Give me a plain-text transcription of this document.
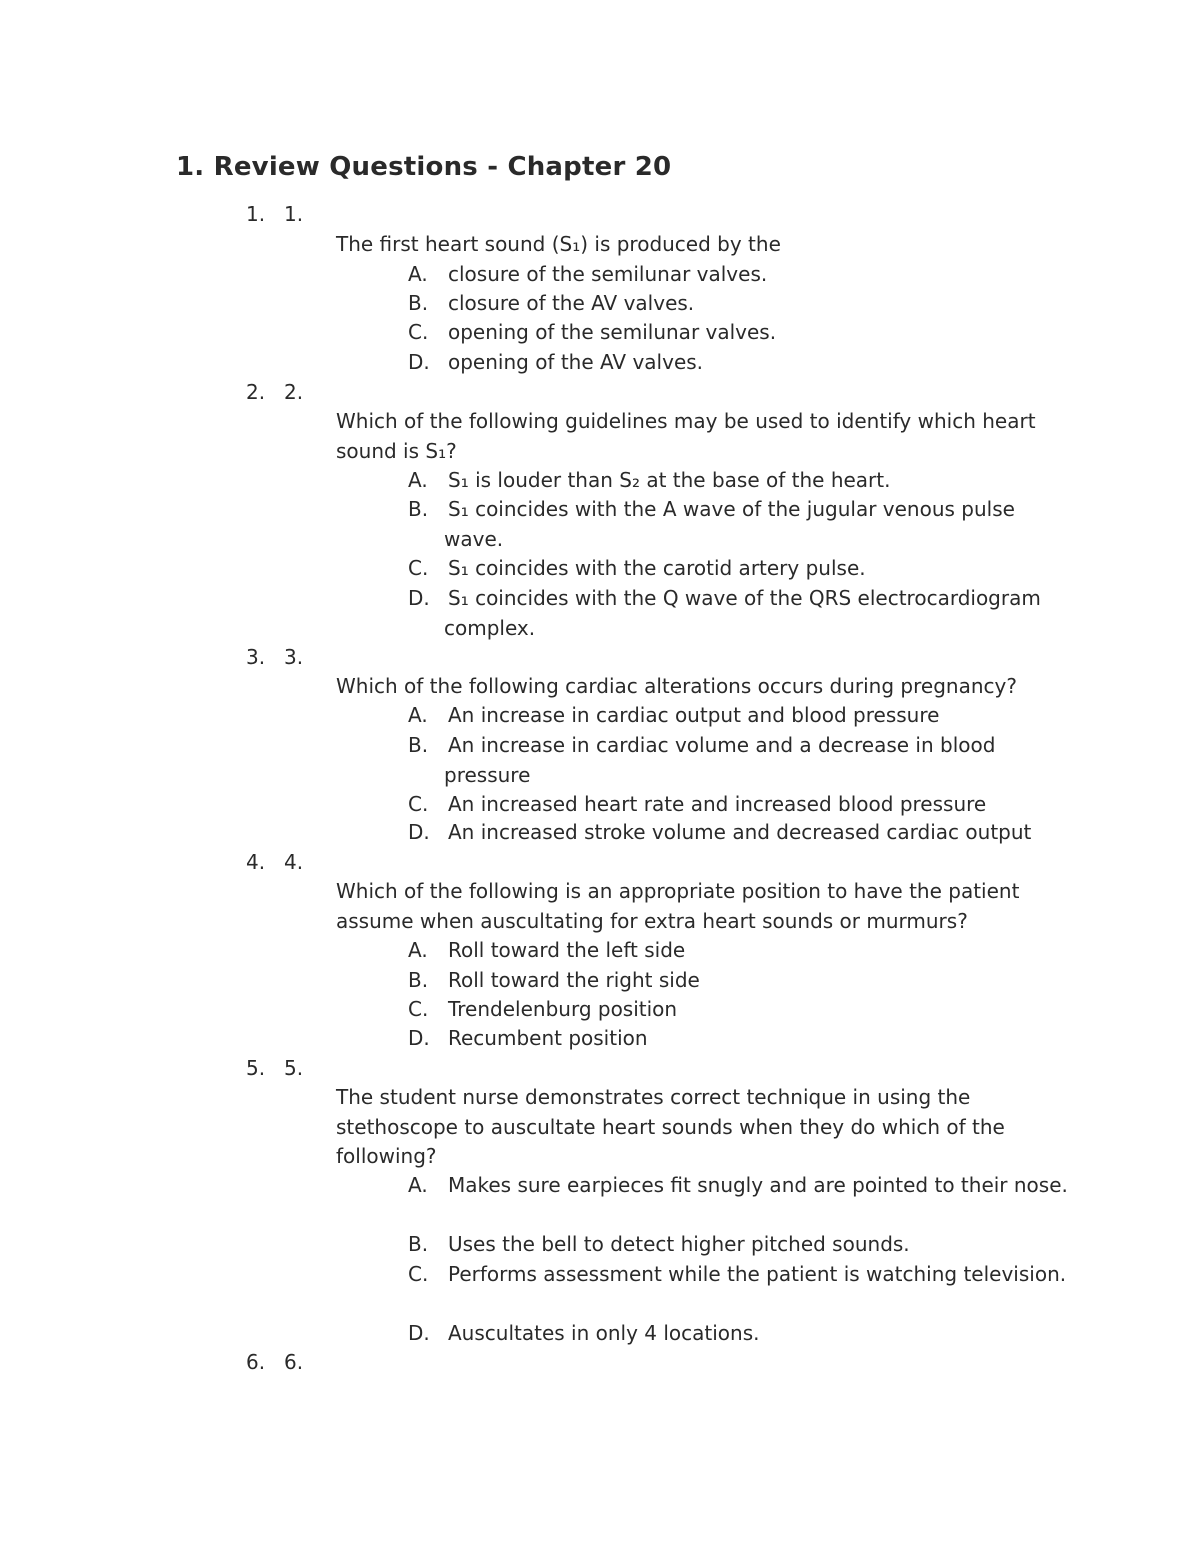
1. Review Questions - Chapter 20
1. 1.
The first heart sound (S₁) is produced by the
A.	closure of the semilunar valves.
B. closure of the AV valves.
C. opening of the semilunar valves.
D. opening of the AV valves.
2. 2.
Which of the following guidelines may be used to identify which heart sound is S₁?
A.	S₁ is louder than S₂ at the base of the heart.
B. S₁ coincides with the A wave of the jugular venous pulse wave.
C. S₁ coincides with the carotid artery pulse.
D. S₁ coincides with the Q wave of the QRS electrocardiogram complex.
3. 3.
Which of the following cardiac alterations occurs during pregnancy?
A.	An increase in cardiac output and blood pressure
B. An increase in cardiac volume and a decrease in blood pressure
C. An increased heart rate and increased blood pressure
D. An increased stroke volume and decreased cardiac output
4. 4.
Which of the following is an appropriate position to have the patient assume when auscultating for extra heart sounds or murmurs?
A.	Roll toward the left side
B. Roll toward the right side
C. Trendelenburg position
D. Recumbent position
5. 5.
The student nurse demonstrates correct technique in using the stethoscope to auscultate heart sounds when they do which of the following?
A.	Makes sure earpieces fit snugly and are pointed to their nose.
B. Uses the bell to detect higher pitched sounds.
C. Performs assessment while the patient is watching television.
D. Auscultates in only 4 locations.
6. 6.
